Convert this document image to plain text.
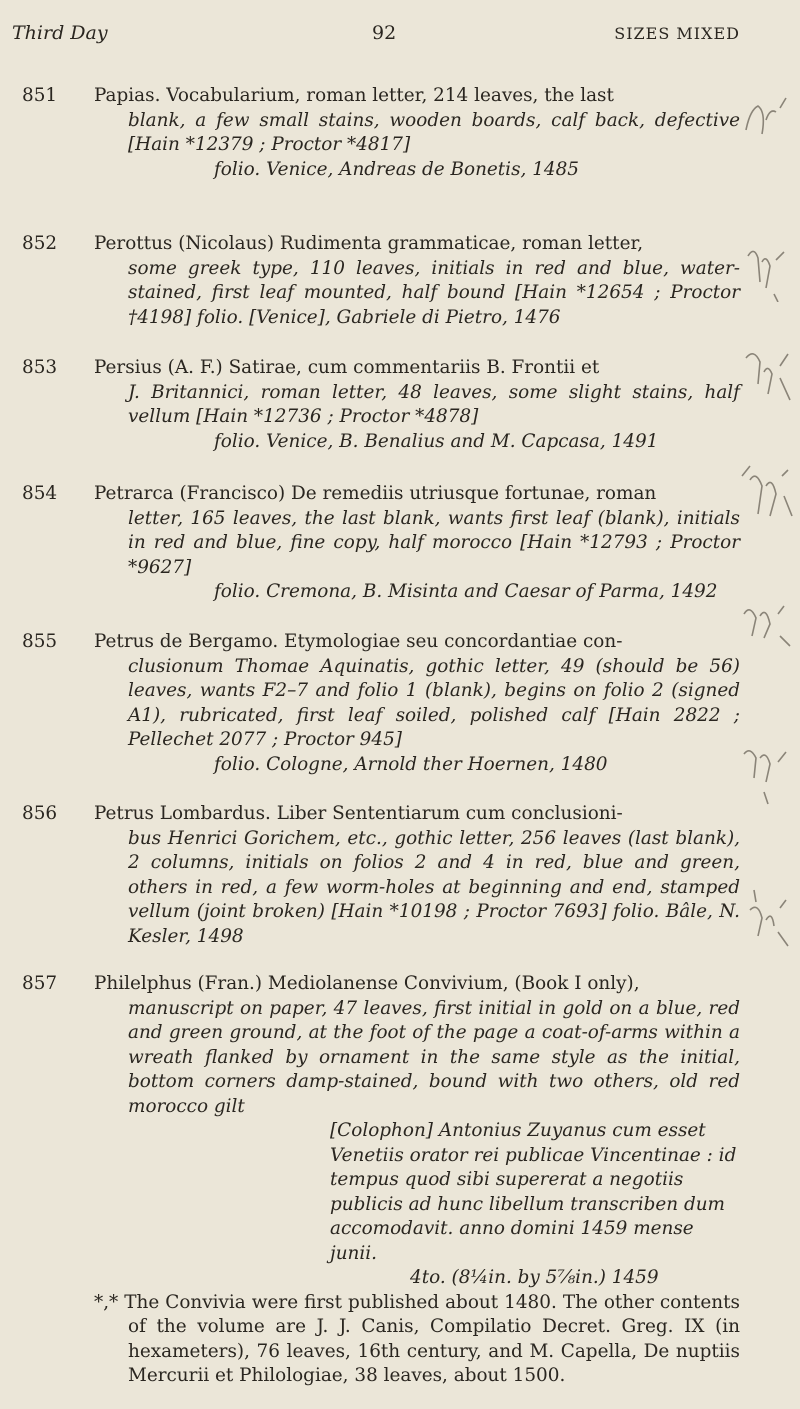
Third Day	92	SIZES MIXED
851 Papias. Vocabularium, roman letter, 214 leaves, the last
blank, a few small stains, wooden boards, calf back, defective [Hain *12379 ; Proctor *4817]
folio. Venice, Andreas de Bonetis, 1485
852 Perottus (Nicolaus) Rudimenta grammaticae, roman letter,
some greek type, 110 leaves, initials in red and blue, water-stained, first leaf mounted, half bound [Hain *12654 ; Proctor †4198] folio. [Venice], Gabriele di Pietro, 1476
853 Persius (A. F.) Satirae, cum commentariis B. Frontii et
J. Britannici, roman letter, 48 leaves, some slight stains, half vellum [Hain *12736 ; Proctor *4878]
folio. Venice, B. Benalius and M. Capcasa, 1491
854 Petrarca (Francisco) De remediis utriusque fortunae, roman
letter, 165 leaves, the last blank, wants first leaf (blank), initials in red and blue, fine copy, half morocco [Hain *12793 ; Proctor *9627]
folio. Cremona, B. Misinta and Caesar of Parma, 1492
855 Petrus de Bergamo. Etymologiae seu concordantiae con-
clusionum Thomae Aquinatis, gothic letter, 49 (should be 56) leaves, wants F2–7 and folio 1 (blank), begins on folio 2 (signed A1), rubricated, first leaf soiled, polished calf [Hain 2822 ; Pellechet 2077 ; Proctor 945]
folio. Cologne, Arnold ther Hoernen, 1480
856 Petrus Lombardus. Liber Sententiarum cum conclusioni-
bus Henrici Gorichem, etc., gothic letter, 256 leaves (last blank), 2 columns, initials on folios 2 and 4 in red, blue and green, others in red, a few worm-holes at beginning and end, stamped vellum (joint broken) [Hain *10198 ; Proctor 7693] folio. Bâle, N. Kesler, 1498
857 Philelphus (Fran.) Mediolanense Convivium, (Book I only),
manuscript on paper, 47 leaves, first initial in gold on a blue, red and green ground, at the foot of the page a coat-of-arms within a wreath flanked by ornament in the same style as the initial, bottom corners damp-stained, bound with two others, old red morocco gilt
[Colophon] Antonius Zuyanus cum esset Venetiis orator rei publicae Vincentinae : id tempus quod sibi supererat a negotiis publicis ad hunc libellum transcriben dum accomodavit. anno domini 1459 mense junii.
4to. (8¼in. by 5⅞in.) 1459
*,* The Convivia were first published about 1480. The other contents of the volume are J. J. Canis, Compilatio Decret. Greg. IX (in hexameters), 76 leaves, 16th century, and M. Capella, De nuptiis Mercurii et Philologiae, 38 leaves, about 1500.
